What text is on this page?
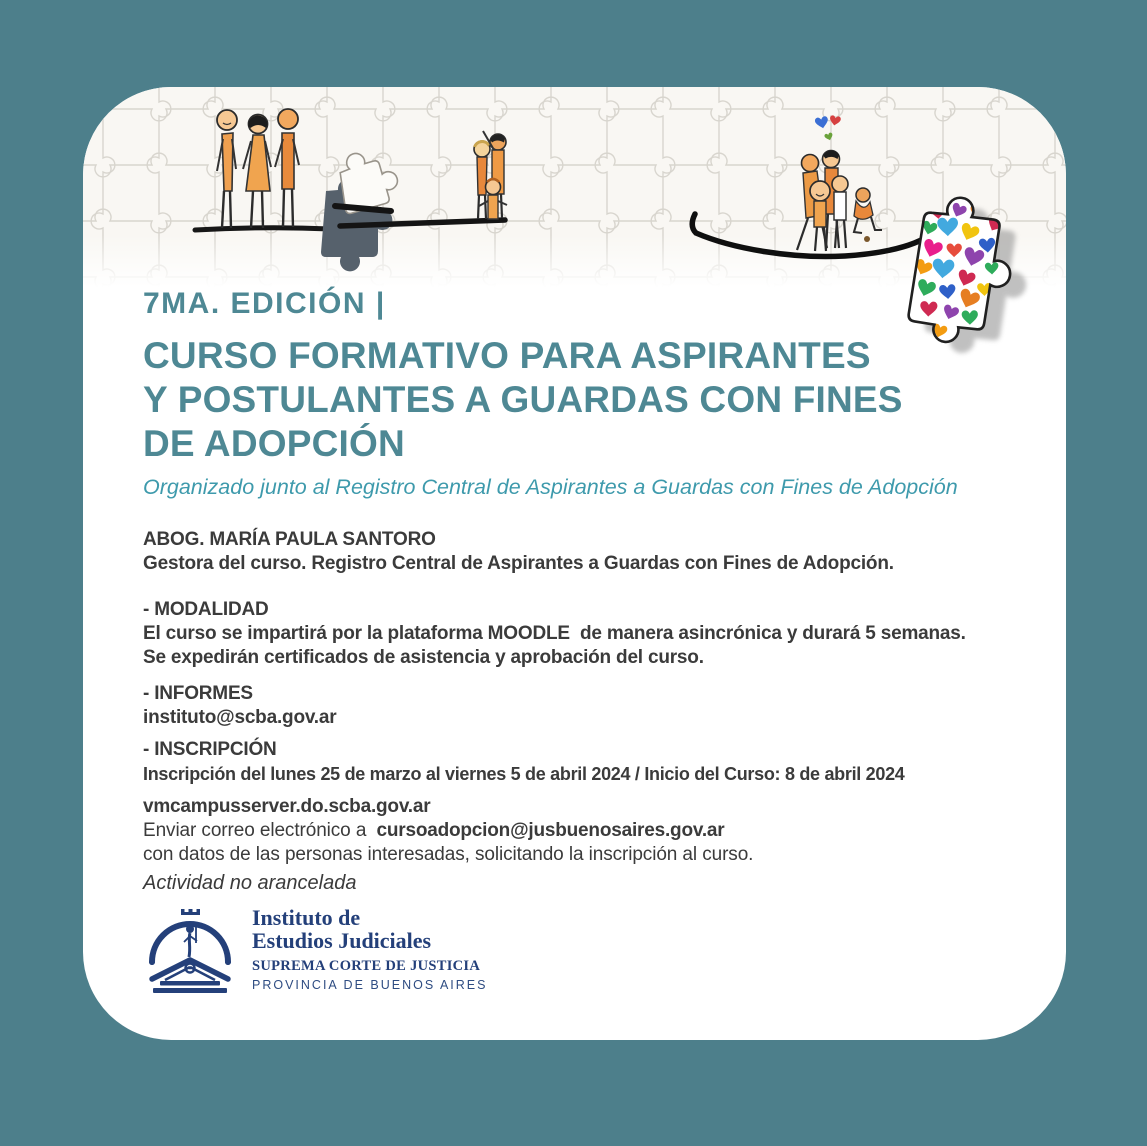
7MA. EDICIÓN |

CURSO FORMATIVO PARA ASPIRANTES
Y POSTULANTES A GUARDAS CON FINES
DE ADOPCIÓN

Organizado junto al Registro Central de Aspirantes a Guardas con Fines de Adopción

ABOG. MARÍA PAULA SANTORO

Gestora del curso. Registro Central de Aspirantes a Guardas con Fines de Adopción.

- MODALIDAD

El curso se impartirá por la plataforma MOODLE  de manera asincrónica y durará 5 semanas.

Se expedirán certificados de asistencia y aprobación del curso.

- INFORMES

instituto@scba.gov.ar

- INSCRIPCIÓN

Inscripción del lunes 25 de marzo al viernes 5 de abril 2024 / Inicio del Curso: 8 de abril 2024

vmcampusserver.do.scba.gov.ar

Enviar correo electrónico a cursoadopcion@jusbuenosaires.gov.ar

con datos de las personas interesadas, solicitando la inscripción al curso.

Actividad no arancelada

Instituto de

Estudios Judiciales

SUPREMA CORTE DE JUSTICIA

PROVINCIA DE BUENOS AIRES
